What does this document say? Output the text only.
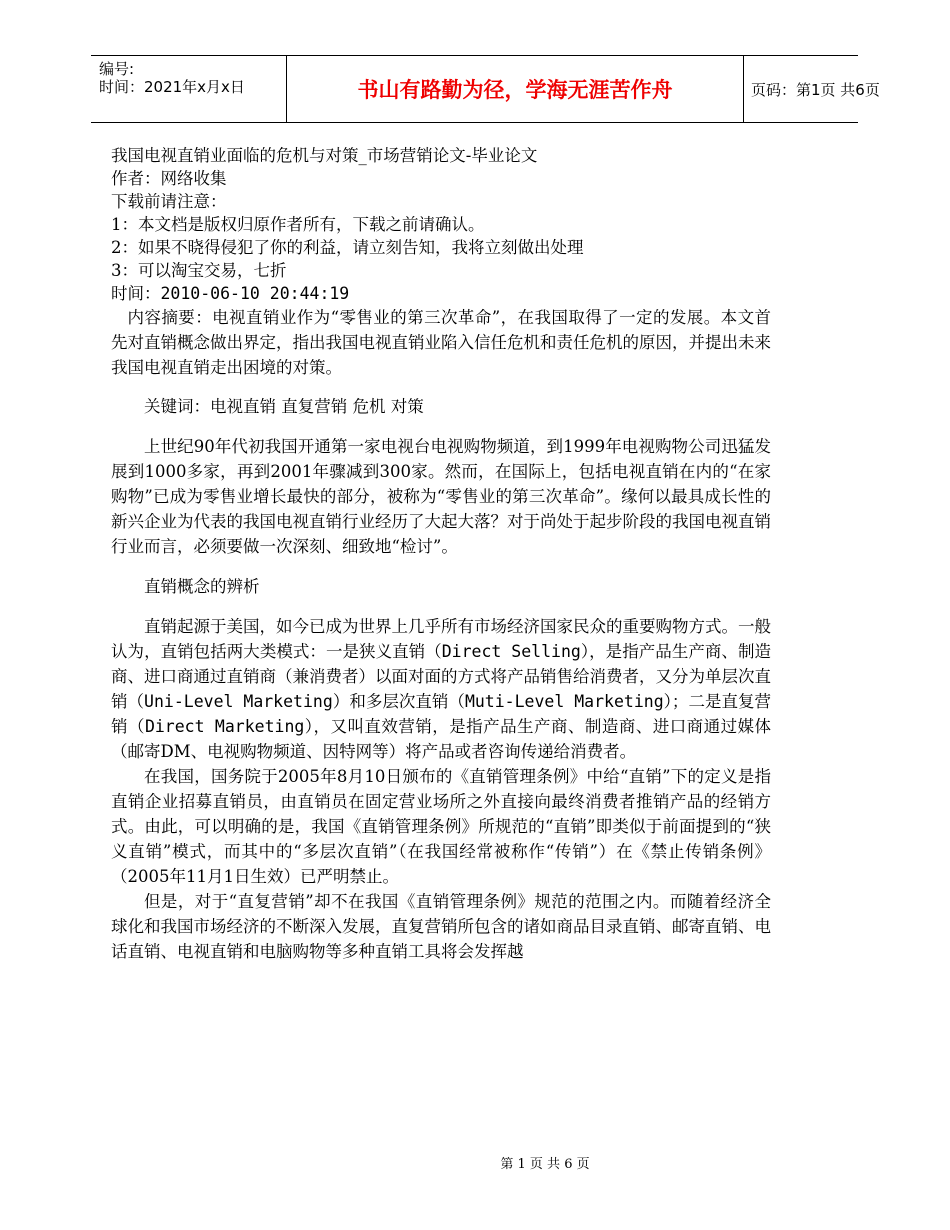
编号:
时间：2021年x月x日	书山有路勤为径，学海无涯苦作舟	页码：第1页 共6页
我国电视直销业面临的危机与对策_市场营销论文-毕业论文
作者：网络收集
下载前请注意：
1：本文档是版权归原作者所有，下载之前请确认。
2：如果不晓得侵犯了你的利益，请立刻告知，我将立刻做出处理
3：可以淘宝交易，七折
时间：2010-06-10 20:44:19
内容摘要：电视直销业作为“零售业的第三次革命”，在我国取得了一定的发展。本文首先对直销概念做出界定，指出我国电视直销业陷入信任危机和责任危机的原因，并提出未来我国电视直销走出困境的对策。
关键词：电视直销 直复营销 危机 对策
上世纪90年代初我国开通第一家电视台电视购物频道，到1999年电视购物公司迅猛发展到1000多家，再到2001年骤减到300家。然而，在国际上，包括电视直销在内的“在家购物”已成为零售业增长最快的部分，被称为“零售业的第三次革命”。缘何以最具成长性的新兴企业为代表的我国电视直销行业经历了大起大落？对于尚处于起步阶段的我国电视直销行业而言，必须要做一次深刻、细致地“检讨”。
直销概念的辨析
直销起源于美国，如今已成为世界上几乎所有市场经济国家民众的重要购物方式。一般认为，直销包括两大类模式：一是狭义直销（Direct Selling），是指产品生产商、制造商、进口商通过直销商（兼消费者）以面对面的方式将产品销售给消费者，又分为单层次直销（Uni-Level Marketing）和多层次直销（Muti-Level Marketing）；二是直复营销（Direct Marketing），又叫直效营销，是指产品生产商、制造商、进口商通过媒体（邮寄DM、电视购物频道、因特网等）将产品或者咨询传递给消费者。
在我国，国务院于2005年8月10日颁布的《直销管理条例》中给“直销”下的定义是指直销企业招募直销员，由直销员在固定营业场所之外直接向最终消费者推销产品的经销方式。由此，可以明确的是，我国《直销管理条例》所规范的“直销”即类似于前面提到的“狭义直销”模式，而其中的“多层次直销”（在我国经常被称作“传销”）在《禁止传销条例》（2005年11月1日生效）已严明禁止。
但是，对于“直复营销”却不在我国《直销管理条例》规范的范围之内。而随着经济全球化和我国市场经济的不断深入发展，直复营销所包含的诸如商品目录直销、邮寄直销、电话直销、电视直销和电脑购物等多种直销工具将会发挥越
第 1 页 共 6 页
